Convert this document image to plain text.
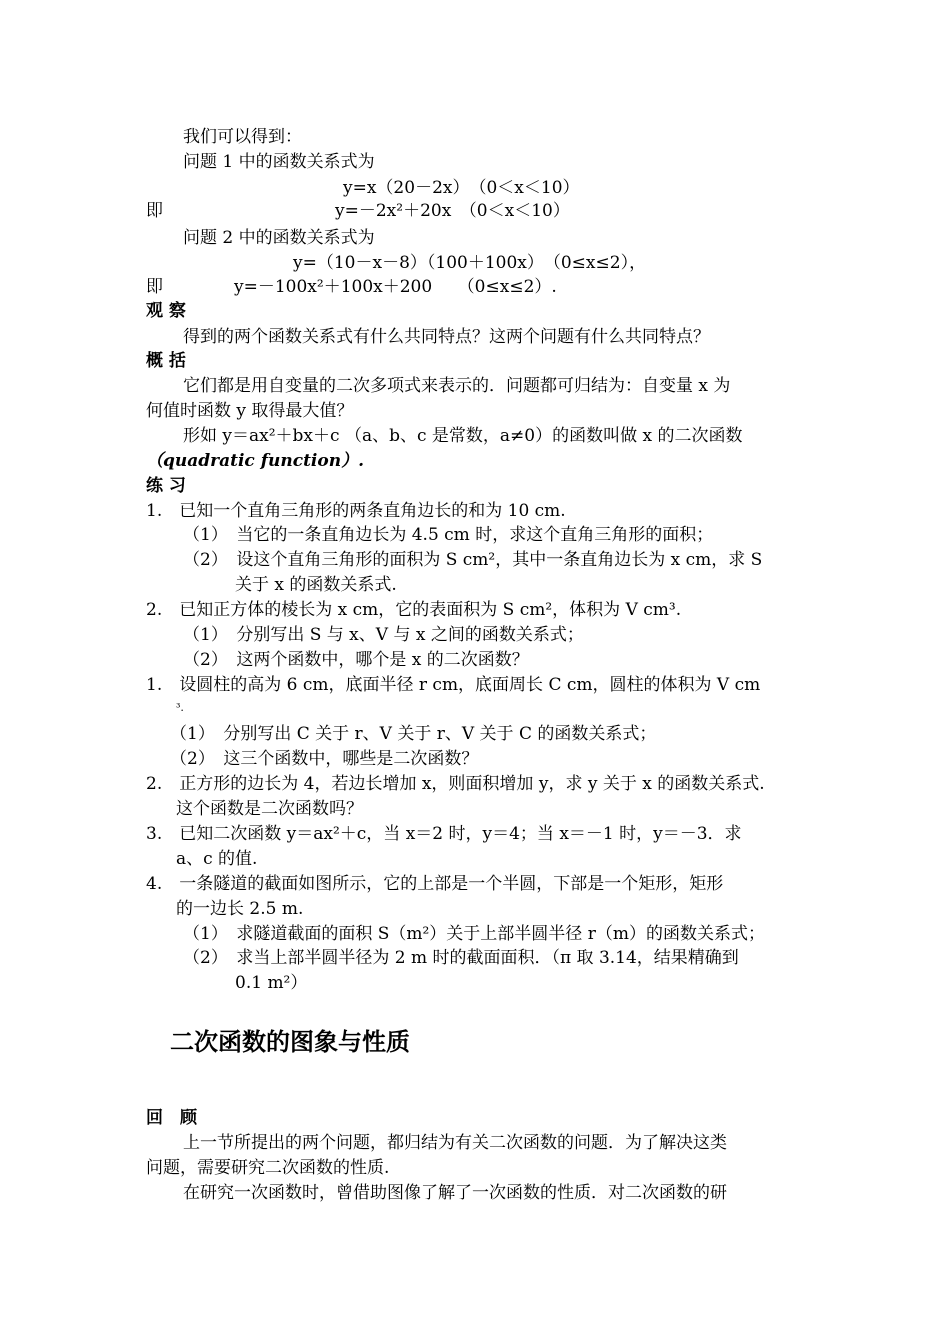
我们可以得到：
问题 1 中的函数关系式为
y=x（20－2x）　（0＜x＜10）
即	y=－2x²＋20x　（0＜x＜10）
问题 2 中的函数关系式为
y=（10－x－8）（100＋100x）　（0≤x≤2），
即	y=－100x²＋100x＋200　　（0≤x≤2）.
观 察
得到的两个函数关系式有什么共同特点？这两个问题有什么共同特点？
概 括
它们都是用自变量的二次多项式来表示的．问题都可归结为：自变量 x 为
何值时函数 y 取得最大值？
形如 y＝ax²＋bx＋c （a、b、c 是常数，a≠0）的函数叫做 x 的二次函数
（quadratic function）.
练 习
1.　已知一个直角三角形的两条直角边长的和为 10 cm.
（1）　当它的一条直角边长为 4.5 cm 时，求这个直角三角形的面积；
（2）　设这个直角三角形的面积为 S cm²，其中一条直角边长为 x cm，求 S
关于 x 的函数关系式.
2.　已知正方体的棱长为 x cm，它的表面积为 S cm²，体积为 V cm³.
（1）　分别写出 S 与 x、V 与 x 之间的函数关系式；
（2）　这两个函数中，哪个是 x 的二次函数？
1.　设圆柱的高为 6 cm，底面半径 r cm，底面周长 C cm，圆柱的体积为 V cm
³.
（1）　分别写出 C 关于 r、V 关于 r、V 关于 C 的函数关系式；
（2）　这三个函数中，哪些是二次函数？
2.　正方形的边长为 4，若边长增加 x，则面积增加 y，求 y 关于 x 的函数关系式.
这个函数是二次函数吗？
3.　已知二次函数 y＝ax²＋c，当 x＝2 时，y＝4；当 x＝－1 时，y＝－3．求
a、c 的值.
4.　一条隧道的截面如图所示，它的上部是一个半圆，下部是一个矩形，矩形
的一边长 2.5 m.
（1）　求隧道截面的面积 S（m²）关于上部半圆半径 r（m）的函数关系式；
（2）　求当上部半圆半径为 2 m 时的截面面积．（π 取 3.14，结果精确到
0.1 m²）
二次函数的图象与性质
回　顾
上一节所提出的两个问题，都归结为有关二次函数的问题．为了解决这类
问题，需要研究二次函数的性质.
在研究一次函数时，曾借助图像了解了一次函数的性质．对二次函数的研
